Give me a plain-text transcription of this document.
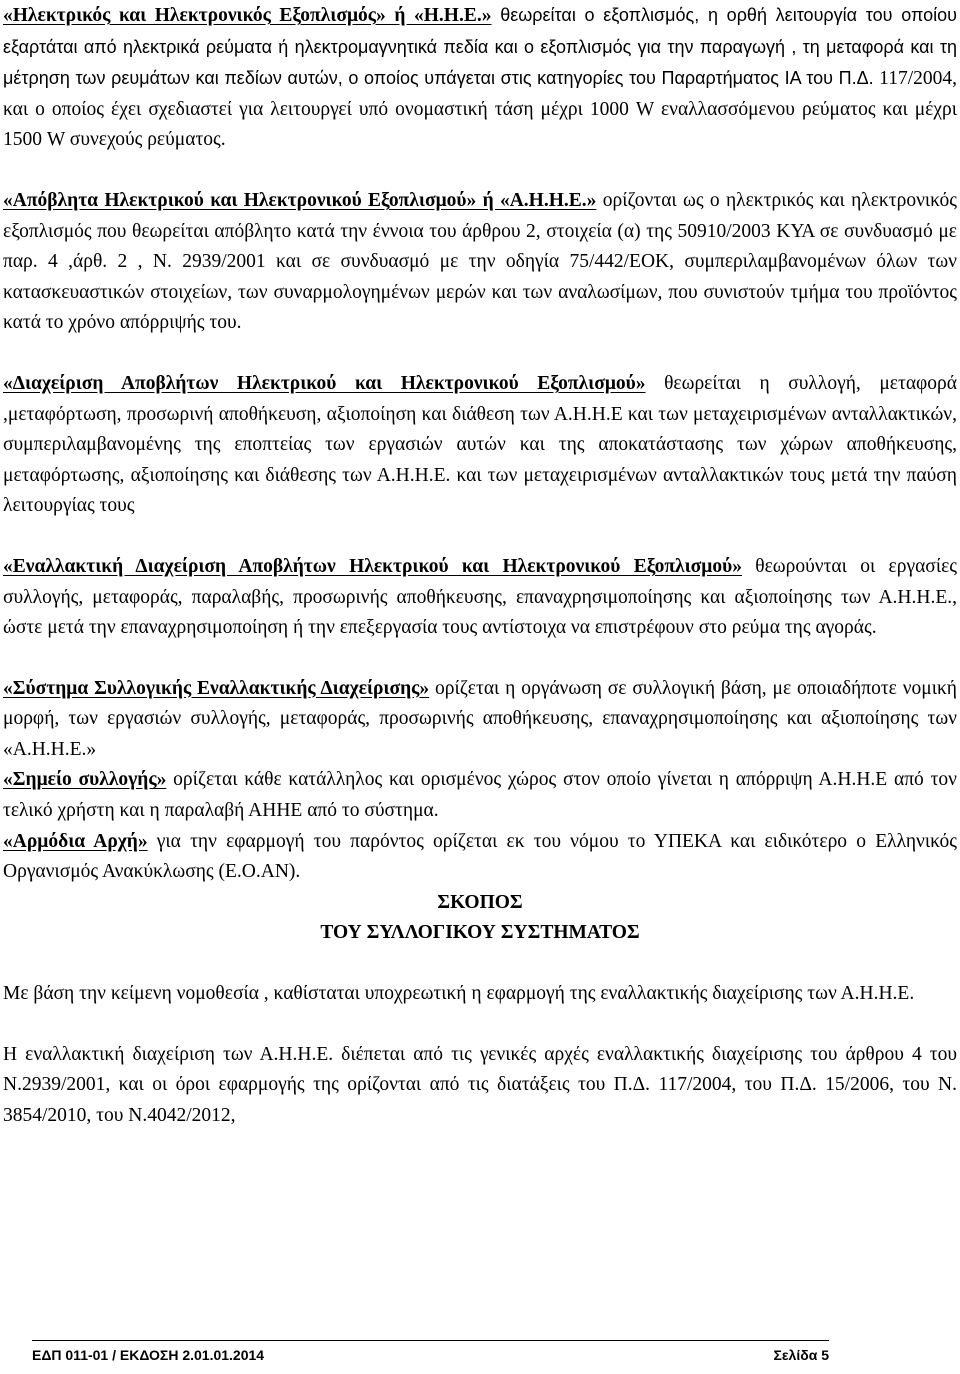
«Ηλεκτρικός και Ηλεκτρονικός Εξοπλισμός» ή «Η.Η.Ε.» θεωρείται ο εξοπλισμός, η ορθή λειτουργία του οποίου εξαρτάται από ηλεκτρικά ρεύματα ή ηλεκτρομαγνητικά πεδία και ο εξοπλισμός για την παραγωγή , τη μεταφορά και τη μέτρηση των ρευμάτων και πεδίων αυτών, ο οποίος υπάγεται στις κατηγορίες του Παραρτήματος ΙΑ του Π.Δ. 117/2004, και ο οποίος έχει σχεδιαστεί για λειτουργεί υπό ονομαστική τάση μέχρι 1000 W εναλλασσόμενου ρεύματος και μέχρι 1500 W συνεχούς ρεύματος.

«Απόβλητα Ηλεκτρικού και Ηλεκτρονικού Εξοπλισμού» ή «Α.Η.Η.Ε.» ορίζονται ως ο ηλεκτρικός και ηλεκτρονικός εξοπλισμός που θεωρείται απόβλητο κατά την έννοια του άρθρου 2, στοιχεία (α) της 50910/2003 ΚΥΑ σε συνδυασμό με παρ. 4 ,άρθ. 2 , Ν. 2939/2001 και σε συνδυασμό με την οδηγία 75/442/ΕΟΚ, συμπεριλαμβανομένων όλων των κατασκευαστικών στοιχείων, των συναρμολογημένων μερών και των αναλωσίμων, που συνιστούν τμήμα του προϊόντος κατά το χρόνο απόρριψής του.

«Διαχείριση Αποβλήτων Ηλεκτρικού και Ηλεκτρονικού Εξοπλισμού» θεωρείται η συλλογή, μεταφορά ,μεταφόρτωση, προσωρινή αποθήκευση, αξιοποίηση και διάθεση των Α.Η.Η.Ε και των μεταχειρισμένων ανταλλακτικών, συμπεριλαμβανομένης της εποπτείας των εργασιών αυτών και της αποκατάστασης των χώρων αποθήκευσης, μεταφόρτωσης, αξιοποίησης και διάθεσης των Α.Η.Η.Ε. και των μεταχειρισμένων ανταλλακτικών τους μετά την παύση λειτουργίας τους

«Εναλλακτική Διαχείριση Αποβλήτων Ηλεκτρικού και Ηλεκτρονικού Εξοπλισμού» θεωρούνται οι εργασίες συλλογής, μεταφοράς, παραλαβής, προσωρινής αποθήκευσης, επαναχρησιμοποίησης και αξιοποίησης των Α.Η.Η.Ε., ώστε μετά την επαναχρησιμοποίηση ή την επεξεργασία τους αντίστοιχα να επιστρέφουν στο ρεύμα της αγοράς.

«Σύστημα Συλλογικής Εναλλακτικής Διαχείρισης» ορίζεται η οργάνωση σε συλλογική βάση, με οποιαδήποτε νομική μορφή, των εργασιών συλλογής, μεταφοράς, προσωρινής αποθήκευσης, επαναχρησιμοποίησης και αξιοποίησης των «Α.Η.Η.Ε.»

«Σημείο συλλογής» ορίζεται κάθε κατάλληλος και ορισμένος χώρος στον οποίο γίνεται η απόρριψη Α.Η.Η.Ε από τον τελικό χρήστη και η παραλαβή ΑΗΗΕ από το σύστημα.

«Αρμόδια Αρχή» για την εφαρμογή του παρόντος ορίζεται εκ του νόμου το ΥΠΕΚΑ και ειδικότερο ο Ελληνικός Οργανισμός Ανακύκλωσης (Ε.Ο.ΑΝ).

ΣΚΟΠΟΣ

ΤΟΥ ΣΥΛΛΟΓΙΚΟΥ ΣΥΣΤΗΜΑΤΟΣ

Με βάση την κείμενη νομοθεσία , καθίσταται υποχρεωτική η εφαρμογή της εναλλακτικής διαχείρισης των Α.Η.Η.Ε.

Η εναλλακτική διαχείριση των Α.Η.Η.Ε. διέπεται από τις γενικές αρχές εναλλακτικής διαχείρισης του άρθρου 4 του Ν.2939/2001, και οι όροι εφαρμογής της ορίζονται από τις διατάξεις του Π.Δ. 117/2004, του Π.Δ. 15/2006, του Ν. 3854/2010, του Ν.4042/2012,

ΕΔΠ 011-01 / ΕΚΔΟΣΗ 2.01.01.2014	Σελίδα 5
